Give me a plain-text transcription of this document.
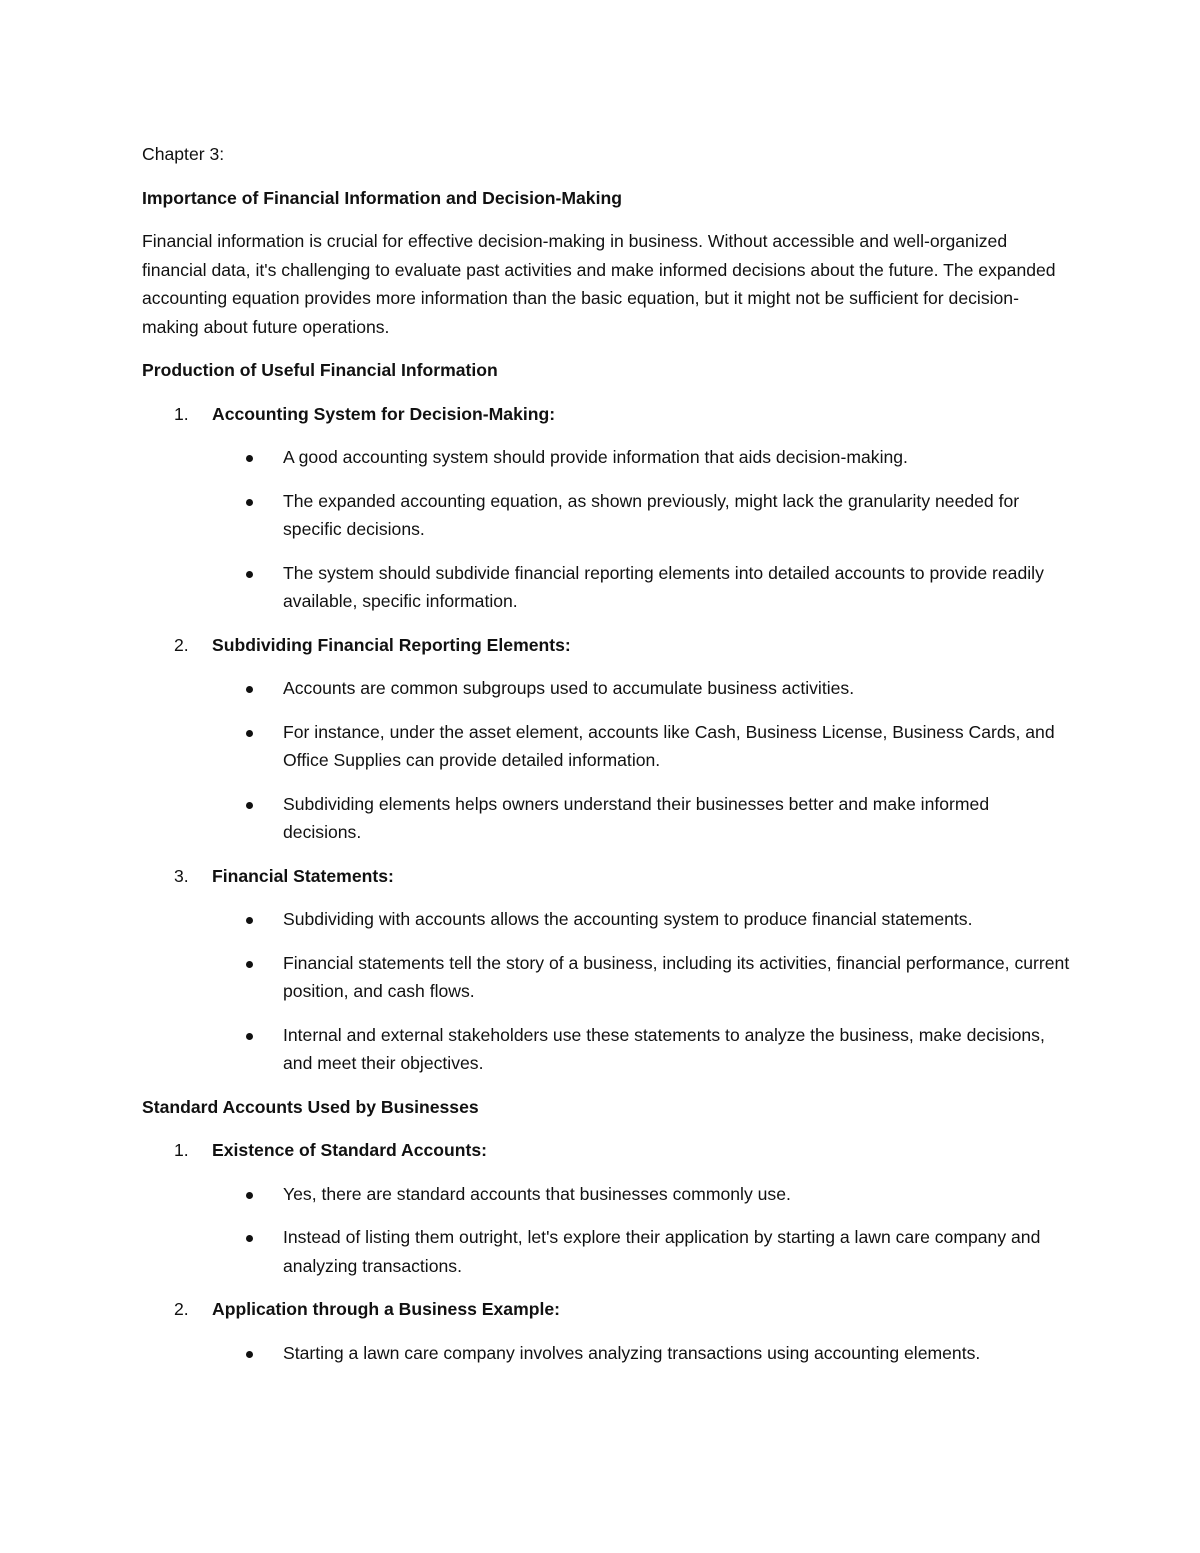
Chapter 3:
Importance of Financial Information and Decision-Making
Financial information is crucial for effective decision-making in business. Without accessible and well-organized financial data, it's challenging to evaluate past activities and make informed decisions about the future. The expanded accounting equation provides more information than the basic equation, but it might not be sufficient for decision-making about future operations.
Production of Useful Financial Information
1. Accounting System for Decision-Making:
A good accounting system should provide information that aids decision-making.
The expanded accounting equation, as shown previously, might lack the granularity needed for specific decisions.
The system should subdivide financial reporting elements into detailed accounts to provide readily available, specific information.
2. Subdividing Financial Reporting Elements:
Accounts are common subgroups used to accumulate business activities.
For instance, under the asset element, accounts like Cash, Business License, Business Cards, and Office Supplies can provide detailed information.
Subdividing elements helps owners understand their businesses better and make informed decisions.
3. Financial Statements:
Subdividing with accounts allows the accounting system to produce financial statements.
Financial statements tell the story of a business, including its activities, financial performance, current position, and cash flows.
Internal and external stakeholders use these statements to analyze the business, make decisions, and meet their objectives.
Standard Accounts Used by Businesses
1. Existence of Standard Accounts:
Yes, there are standard accounts that businesses commonly use.
Instead of listing them outright, let's explore their application by starting a lawn care company and analyzing transactions.
2. Application through a Business Example:
Starting a lawn care company involves analyzing transactions using accounting elements.
